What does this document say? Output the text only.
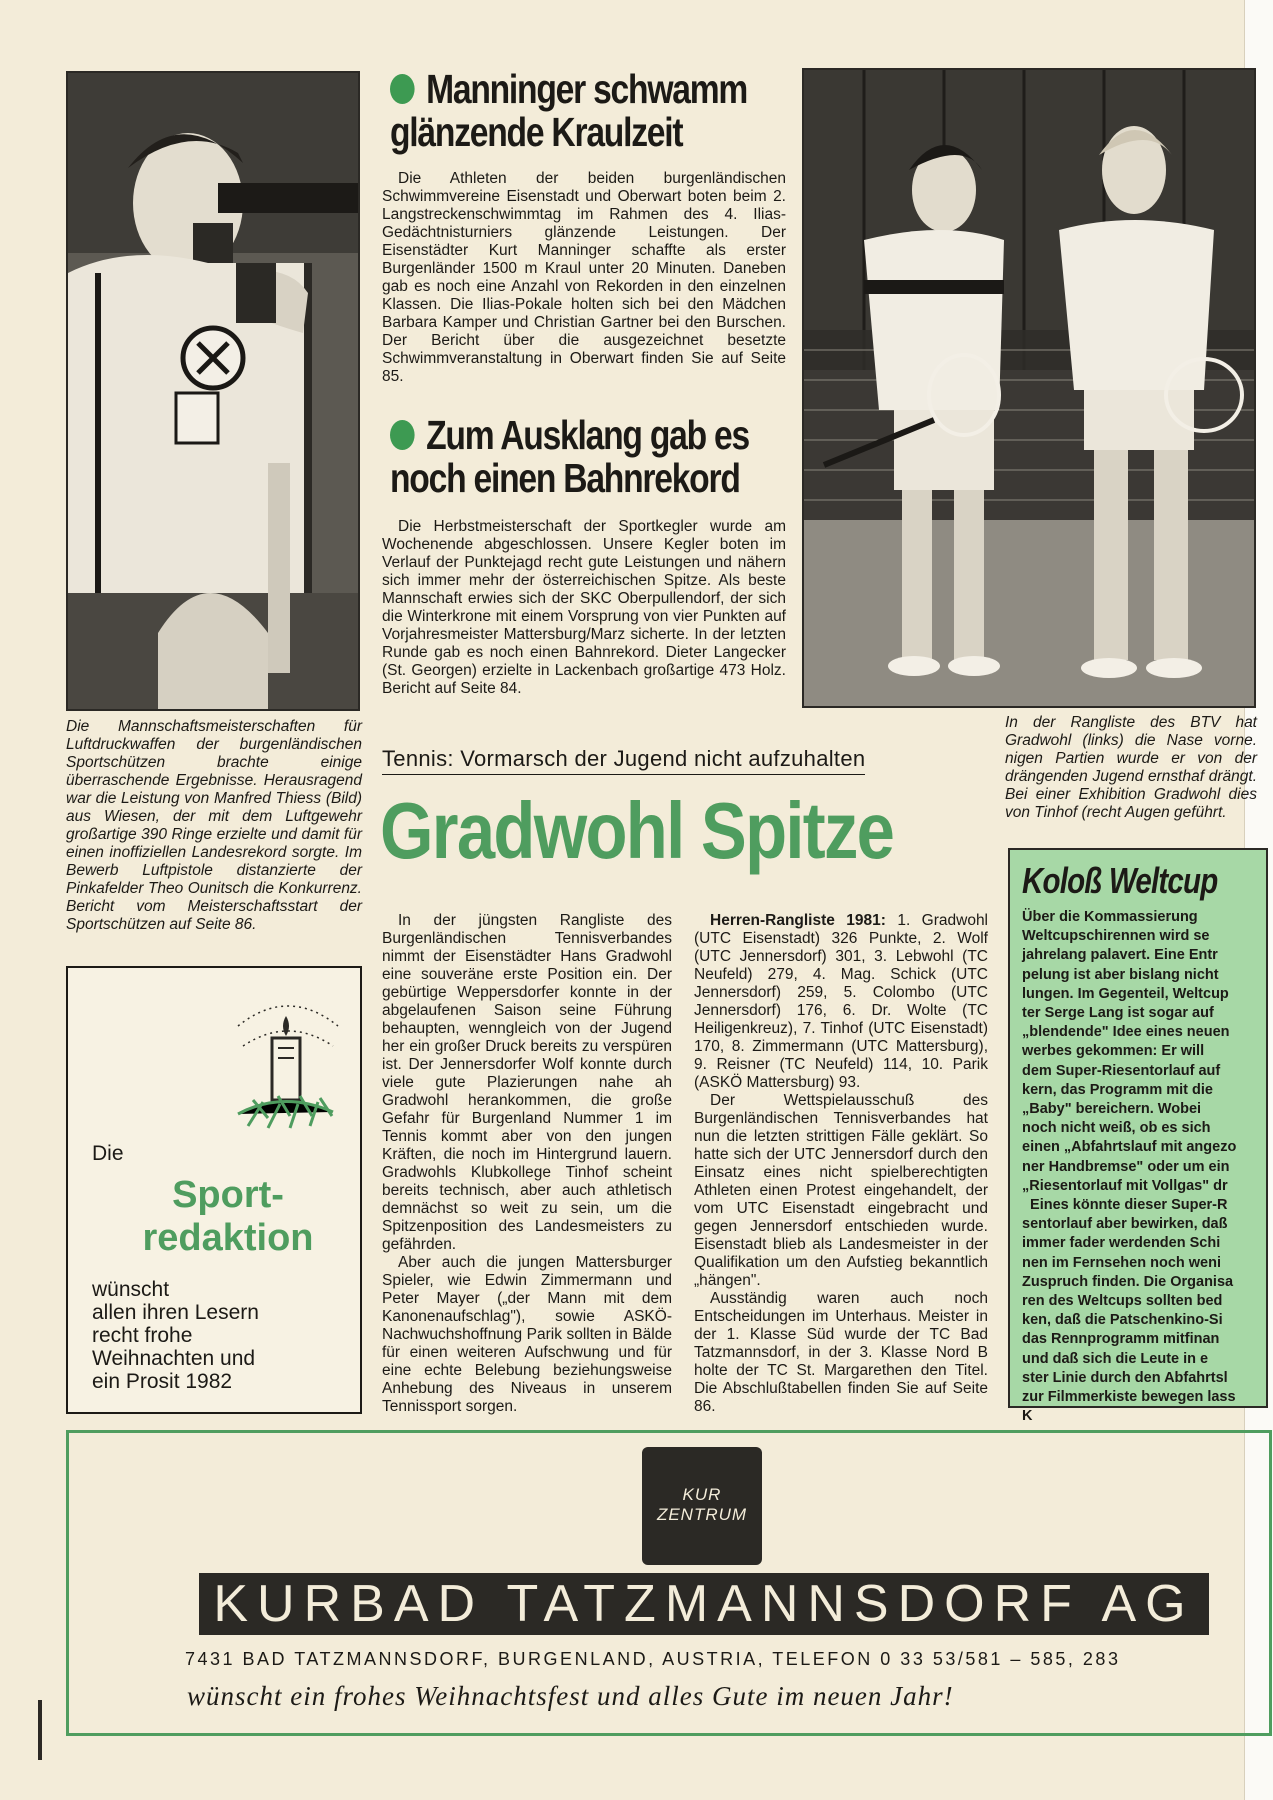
Die Mannschaftsmeisterschaften für Luftdruckwaffen der burgenländischen Sportschützen brachte einige überraschende Ergebnisse. Herausragend war die Leistung von Manfred Thiess (Bild) aus Wiesen, der mit dem Luftgewehr großartige 390 Ringe erzielte und damit für einen inoffiziellen Landesrekord sorgte. Im Bewerb Luftpistole distanzierte der Pinkafelder Theo Ounitsch die Konkurrenz. Bericht vom Meisterschaftsstart der Sportschützen auf Seite 86.
Manninger schwamm
glänzende Kraulzeit

Die Athleten der beiden burgenländischen Schwimmvereine Eisenstadt und Oberwart boten beim 2. Langstreckenschwimmtag im Rahmen des 4. Ilias-Gedächtnisturniers glänzende Leistungen. Der Eisenstädter Kurt Manninger schaffte als erster Burgenländer 1500 m Kraul unter 20 Minuten. Daneben gab es noch eine Anzahl von Rekorden in den einzelnen Klassen. Die Ilias-Pokale holten sich bei den Mädchen Barbara Kamper und Christian Gartner bei den Burschen. Der Bericht über die ausgezeichnet besetzte Schwimmveranstaltung in Oberwart finden Sie auf Seite 85.

Zum Ausklang gab es
noch einen Bahnrekord

Die Herbstmeisterschaft der Sportkegler wurde am Wochenende abgeschlossen. Unsere Kegler boten im Verlauf der Punktejagd recht gute Leistungen und nähern sich immer mehr der österreichischen Spitze. Als beste Mannschaft erwies sich der SKC Oberpullendorf, der sich die Winterkrone mit einem Vorsprung von vier Punkten auf Vorjahresmeister Mattersburg/Marz sicherte. In der letzten Runde gab es noch einen Bahnrekord. Dieter Langecker (St. Georgen) erzielte in Lackenbach großartige 473 Holz. Bericht auf Seite 84.

In der Rangliste des BTV hat Gradwohl (links) die Nase vorne. nigen Partien wurde er von der drängenden Jugend ernsthaf drängt. Bei einer Exhibition Gradwohl dies von Tinhof (recht Augen geführt.
Tennis: Vormarsch der Jugend nicht aufzuhalten
Gradwohl Spitze

In der jüngsten Rangliste des Burgenländischen Tennisverbandes nimmt der Eisenstädter Hans Gradwohl eine souveräne erste Position ein. Der gebürtige Weppersdorfer konnte in der abgelaufenen Saison seine Führung behaupten, wenngleich von der Jugend her ein großer Druck bereits zu verspüren ist. Der Jennersdorfer Wolf konnte durch viele gute Plazierungen nahe ah Gradwohl herankommen, die große Gefahr für Burgenland Nummer 1 im Tennis kommt aber von den jungen Kräften, die noch im Hintergrund lauern. Gradwohls Klubkollege Tinhof scheint bereits technisch, aber auch athletisch demnächst so weit zu sein, um die Spitzenposition des Landesmeisters zu gefährden.

Aber auch die jungen Mattersburger Spieler, wie Edwin Zimmermann und Peter Mayer („der Mann mit dem Kanonenaufschlag"), sowie ASKÖ-Nachwuchshoffnung Parik sollten in Bälde für einen weiteren Aufschwung und für eine echte Belebung beziehungsweise Anhebung des Niveaus in unserem Tennissport sorgen.

Herren-Rangliste 1981: 1. Gradwohl (UTC Eisenstadt) 326 Punkte, 2. Wolf (UTC Jennersdorf) 301, 3. Lebwohl (TC Neufeld) 279, 4. Mag. Schick (UTC Jennersdorf) 259, 5. Colombo (UTC Jennersdorf) 176, 6. Dr. Wolte (TC Heiligenkreuz), 7. Tinhof (UTC Eisenstadt) 170, 8. Zimmermann (UTC Mattersburg), 9. Reisner (TC Neufeld) 114, 10. Parik (ASKÖ Mattersburg) 93.

Der Wettspielausschuß des Burgenländischen Tennisverbandes hat nun die letzten strittigen Fälle geklärt. So hatte sich der UTC Jennersdorf durch den Einsatz eines nicht spielberechtigten Athleten einen Protest eingehandelt, der vom UTC Eisenstadt eingebracht und gegen Jennersdorf entschieden wurde. Eisenstadt blieb als Landesmeister in der Qualifikation um den Aufstieg bekanntlich „hängen".

Ausständig waren auch noch Entscheidungen im Unterhaus. Meister in der 1. Klasse Süd wurde der TC Bad Tatzmannsdorf, in der 3. Klasse Nord B holte der TC St. Margarethen den Titel. Die Abschlußtabellen finden Sie auf Seite 86.

Die
Sport-
redaktion
wünscht
allen ihren Lesern
recht frohe
Weihnachten und
ein Prosit 1982
Koloß Weltcup
Über die Kommassierung
Weltcupschirennen wird se
jahrelang palavert. Eine Entr
pelung ist aber bislang nicht
lungen. Im Gegenteil, Weltcup
ter Serge Lang ist sogar auf
„blendende" Idee eines neuen
werbes gekommen: Er will
dem Super-Riesentorlauf auf
kern, das Programm mit die
„Baby" bereichern. Wobei
noch nicht weiß, ob es sich
einen „Abfahrtslauf mit angezo
ner Handbremse" oder um ein
„Riesentorlauf mit Vollgas" dr
Eines könnte dieser Super-R
sentorlauf aber bewirken, daß
immer fader werdenden Schi
nen im Fernsehen noch weni
Zuspruch finden. Die Organisa
ren des Weltcups sollten bed
ken, daß die Patschenkino-Si
das Rennprogramm mitfinan
und daß sich die Leute in e
ster Linie durch den Abfahrtsl
zur Filmmerkiste bewegen lass
K
KUR
ZENTRUM
KURBAD TATZMANNSDORF AG
7431 BAD TATZMANNSDORF, BURGENLAND, AUSTRIA, TELEFON 0 33 53/581 – 585, 283
wünscht ein frohes Weihnachtsfest und alles Gute im neuen Jahr!
